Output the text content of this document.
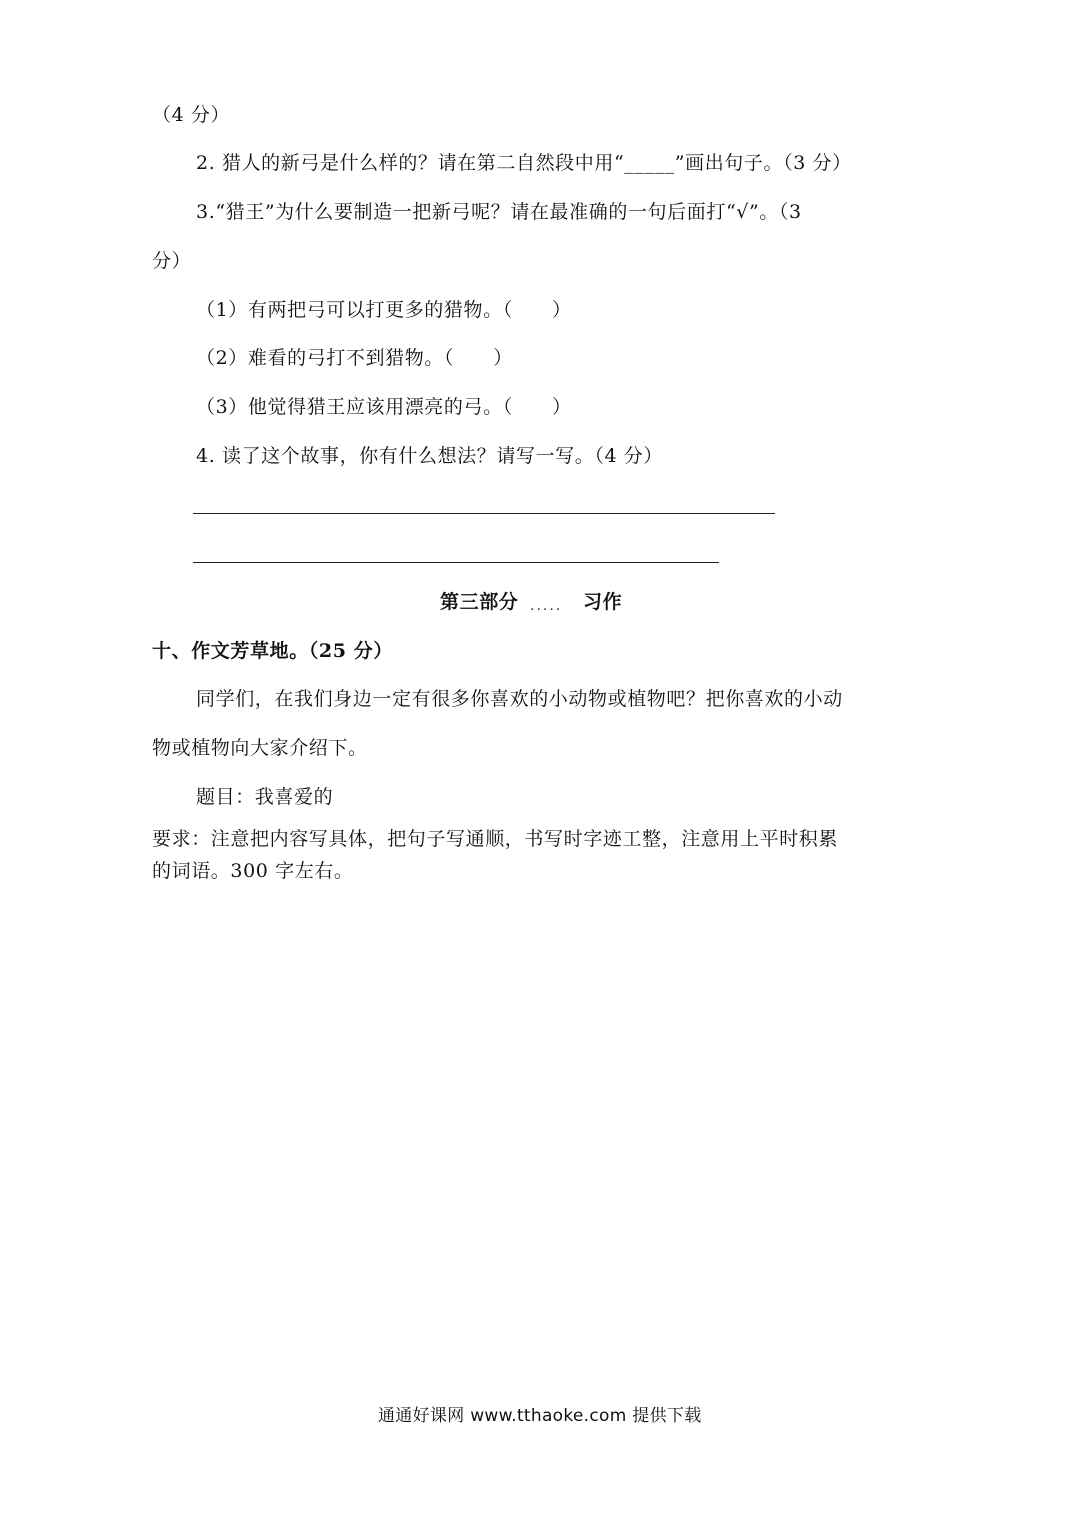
（4 分）
2. 猎人的新弓是什么样的？请在第二自然段中用“_____”画出句子。（3 分）
3.“猎王”为什么要制造一把新弓呢？请在最准确的一句后面打“√”。（3
分）
（1）有两把弓可以打更多的猎物。（　　）
（2）难看的弓打不到猎物。（　　）
（3）他觉得猎王应该用漂亮的弓。（　　）
4. 读了这个故事，你有什么想法？请写一写。（4 分）
第三部分 ..... 习作
十、作文芳草地。（25 分）
同学们，在我们身边一定有很多你喜欢的小动物或植物吧？把你喜欢的小动
物或植物向大家介绍下。
题目：我喜爱的
要求：注意把内容写具体，把句子写通顺，书写时字迹工整，注意用上平时积累
的词语。300 字左右。
通通好课网 www.tthaoke.com 提供下载
